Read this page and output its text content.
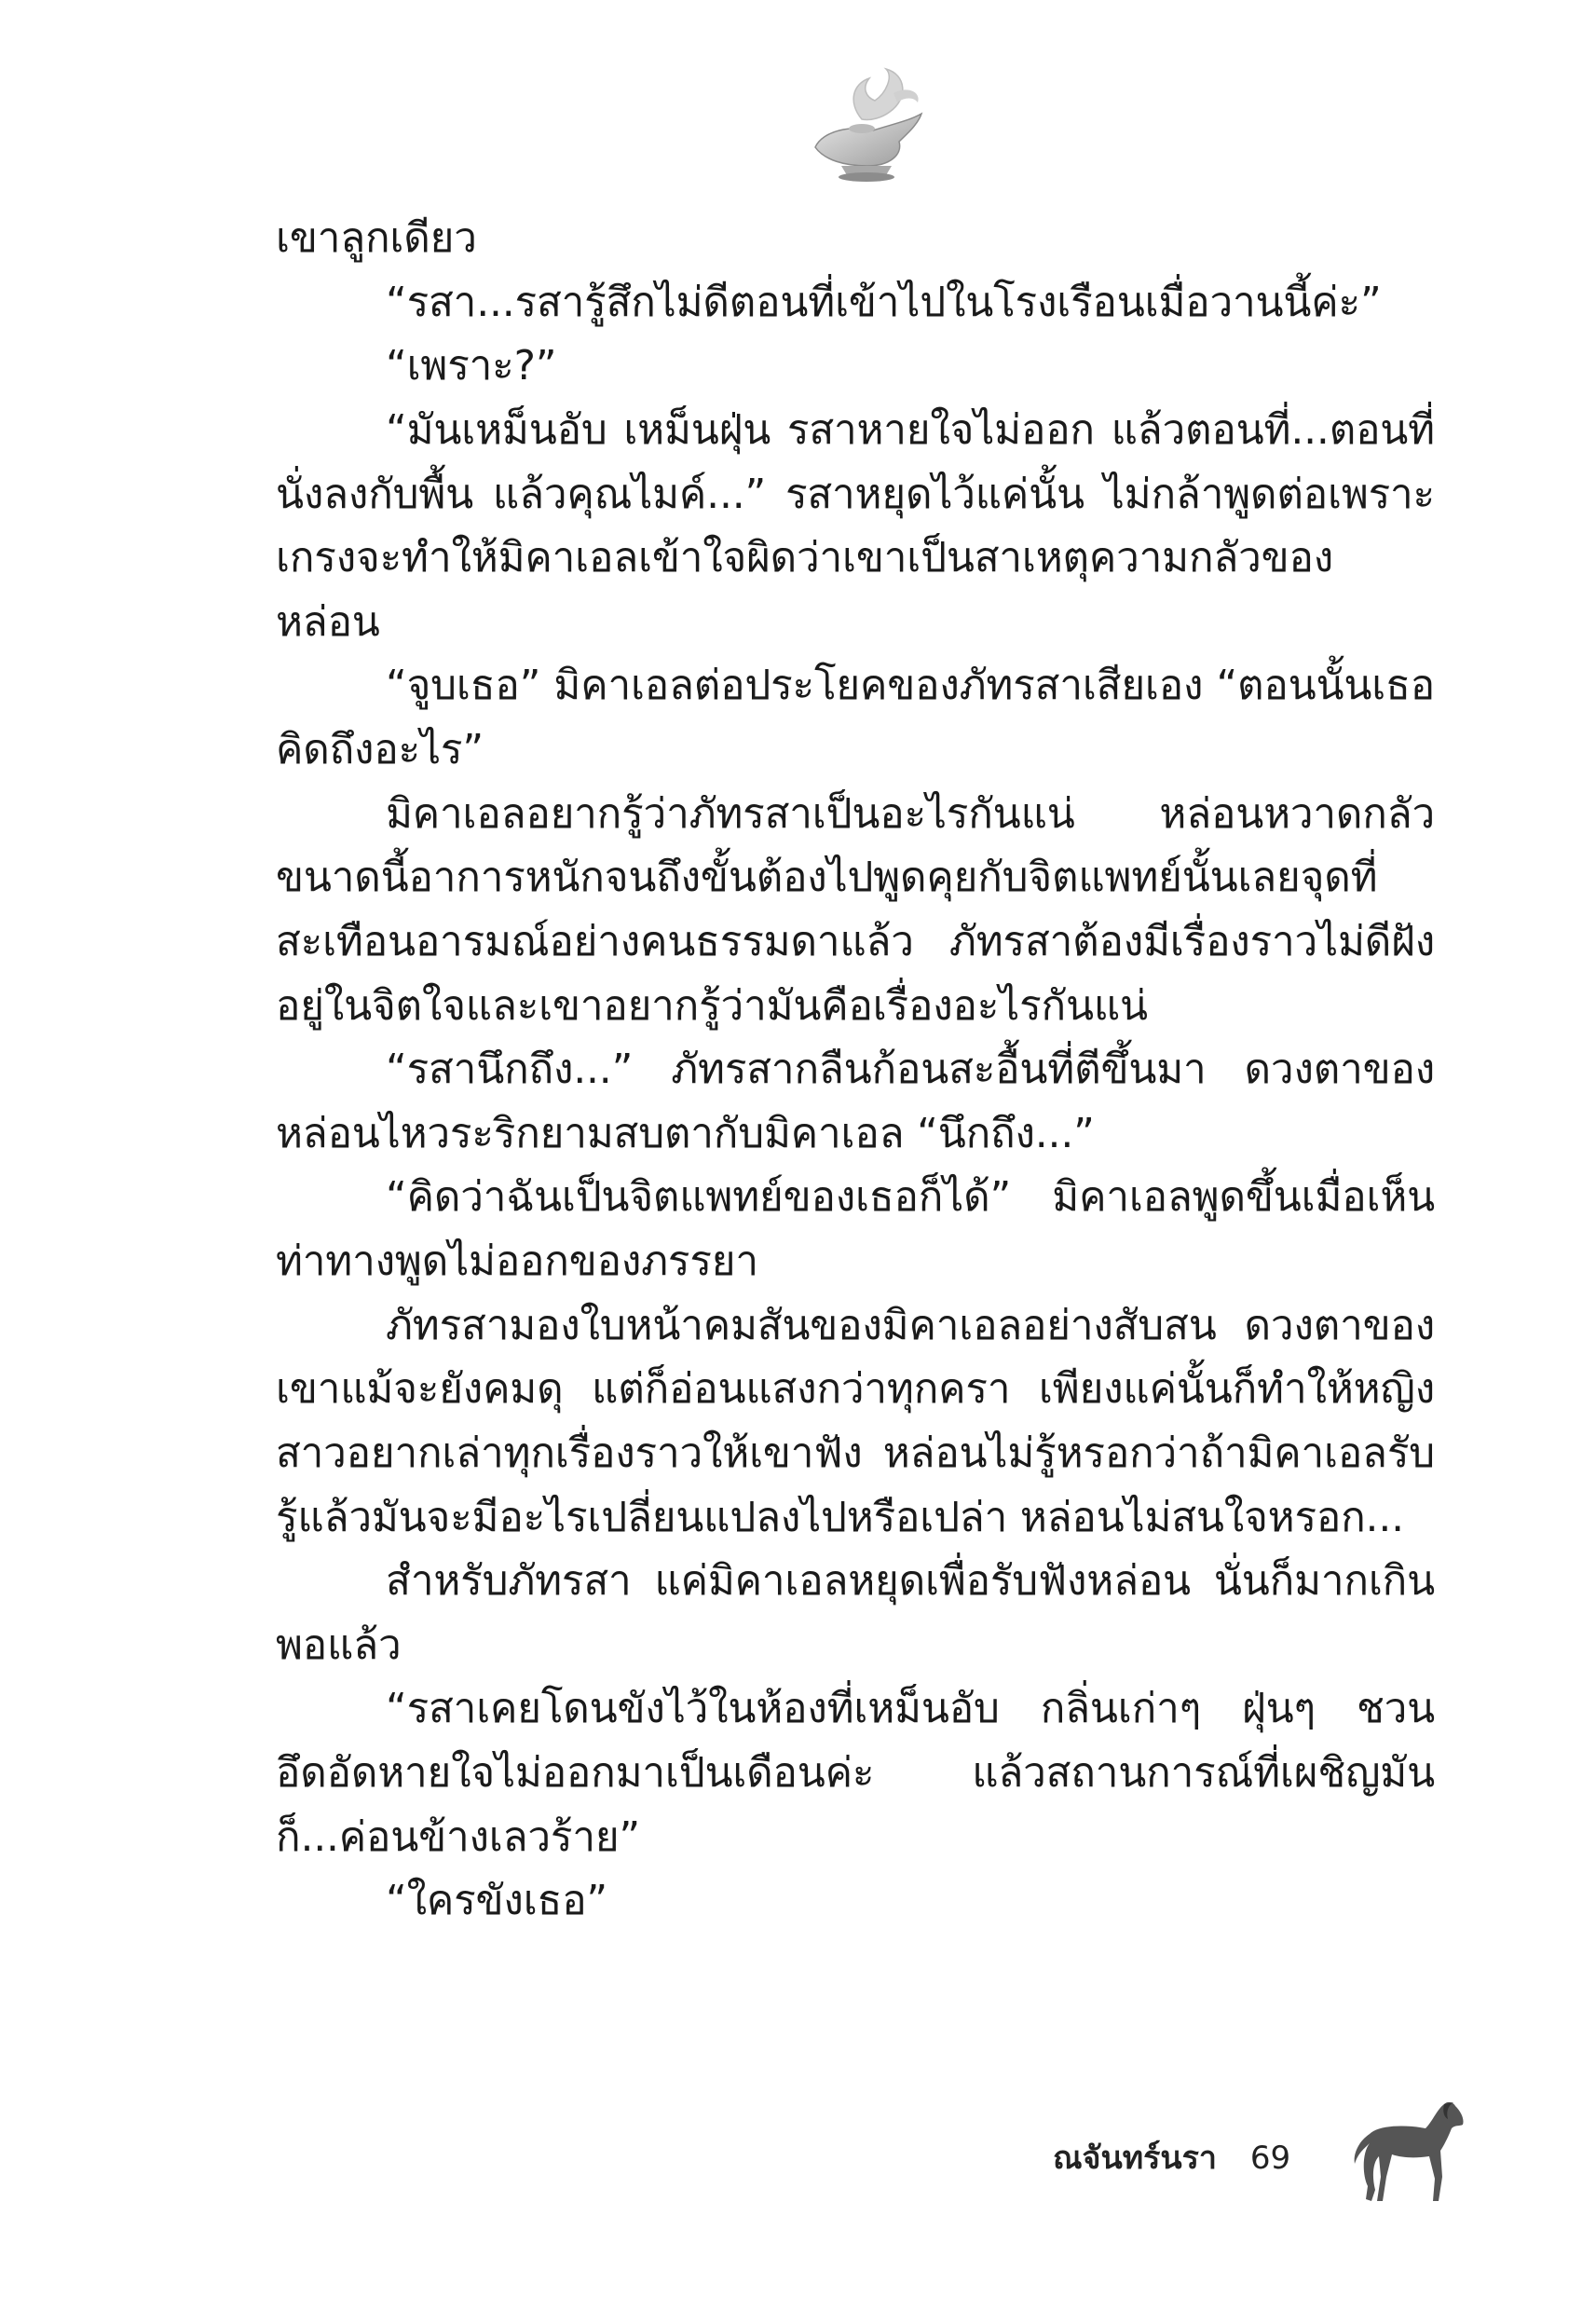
เขาลูกเดียว

“รสา...รสารู้สึกไม่ดีตอนที่เข้าไปในโรงเรือนเมื่อวานนี้ค่ะ”

“เพราะ?”

“มันเหม็นอับ เหม็นฝุ่น รสาหายใจไม่ออก แล้วตอนที่...ตอนที่นั่งลงกับพื้น แล้วคุณไมค์...” รสาหยุดไว้แค่นั้น ไม่กล้าพูดต่อเพราะเกรงจะทำให้มิคาเอลเข้าใจผิดว่าเขาเป็นสาเหตุความกลัวของหล่อน

“จูบเธอ” มิคาเอลต่อประโยคของภัทรสาเสียเอง “ตอนนั้นเธอคิดถึงอะไร”

มิคาเอลอยากรู้ว่าภัทรสาเป็นอะไรกันแน่ หล่อนหวาดกลัวขนาดนี้อาการหนักจนถึงขั้นต้องไปพูดคุยกับจิตแพทย์นั้นเลยจุดที่สะเทือนอารมณ์อย่างคนธรรมดาแล้ว ภัทรสาต้องมีเรื่องราวไม่ดีฝังอยู่ในจิตใจและเขาอยากรู้ว่ามันคือเรื่องอะไรกันแน่

“รสานึกถึง...” ภัทรสากลืนก้อนสะอื้นที่ตีขึ้นมา ดวงตาของหล่อนไหวระริกยามสบตากับมิคาเอล “นึกถึง...”

“คิดว่าฉันเป็นจิตแพทย์ของเธอก็ได้” มิคาเอลพูดขึ้นเมื่อเห็นท่าทางพูดไม่ออกของภรรยา

ภัทรสามองใบหน้าคมสันของมิคาเอลอย่างสับสน ดวงตาของเขาแม้จะยังคมดุ แต่ก็อ่อนแสงกว่าทุกครา เพียงแค่นั้นก็ทำให้หญิงสาวอยากเล่าทุกเรื่องราวให้เขาฟัง หล่อนไม่รู้หรอกว่าถ้ามิคาเอลรับรู้แล้วมันจะมีอะไรเปลี่ยนแปลงไปหรือเปล่า หล่อนไม่สนใจหรอก...

สำหรับภัทรสา แค่มิคาเอลหยุดเพื่อรับฟังหล่อน นั่นก็มากเกินพอแล้ว

“รสาเคยโดนขังไว้ในห้องที่เหม็นอับ กลิ่นเก่าๆ ฝุ่นๆ ชวนอึดอัดหายใจไม่ออกมาเป็นเดือนค่ะ แล้วสถานการณ์ที่เผชิญมันก็...ค่อนข้างเลวร้าย”

“ใครขังเธอ”

ณจันทร์นรา 69
